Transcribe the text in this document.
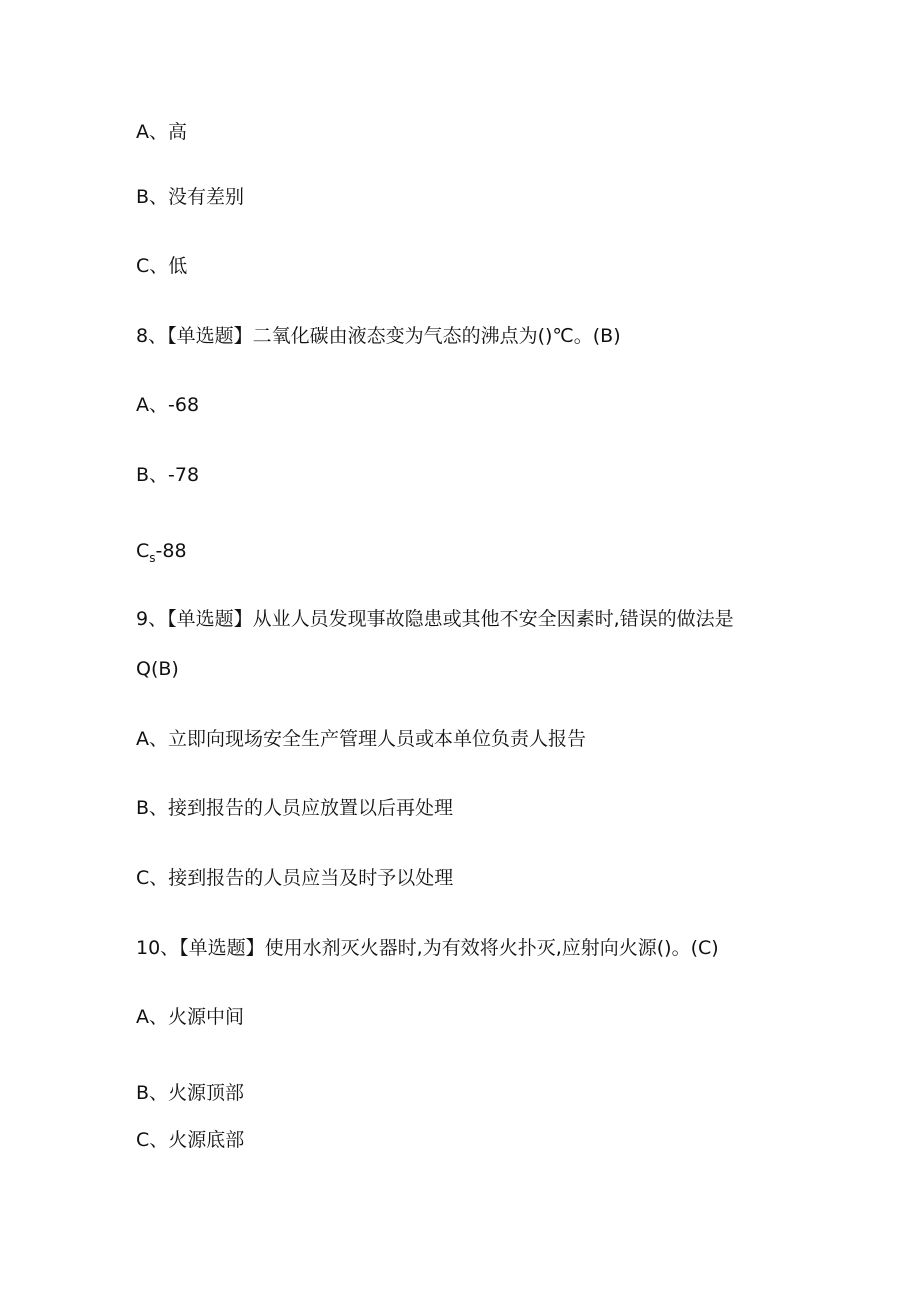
A、高
B、没有差别
C、低
8、【单选题】二氧化碳由液态变为气态的沸点为()℃。(B)
A、-68
B、-78
$C_s-88$
9、【单选题】从业人员发现事故隐患或其他不安全因素时,错误的做法是
Q(B)
A、立即向现场安全生产管理人员或本单位负责人报告
B、接到报告的人员应放置以后再处理
C、接到报告的人员应当及时予以处理
10、【单选题】使用水剂灭火器时,为有效将火扑灭,应射向火源()。(C)
A、火源中间
B、火源顶部
C、火源底部
